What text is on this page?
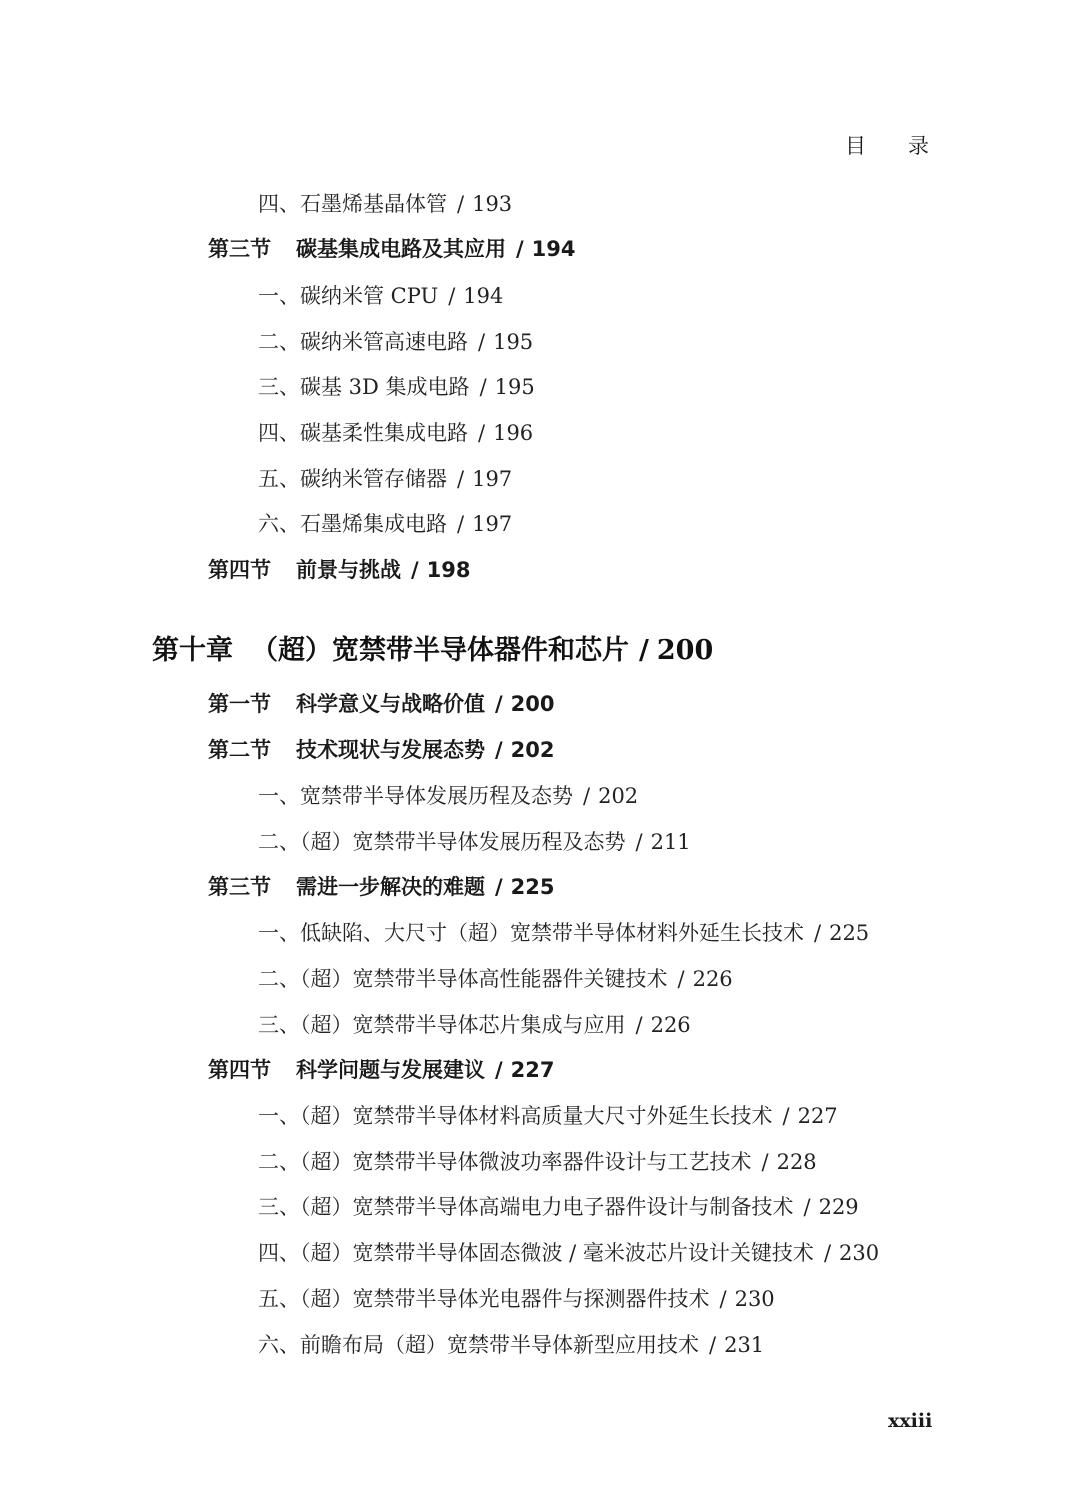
目录
四、石墨烯基晶体管 / 193
第三节 碳基集成电路及其应用 / 194
一、碳纳米管 CPU / 194
二、碳纳米管高速电路 / 195
三、碳基 3D 集成电路 / 195
四、碳基柔性集成电路 / 196
五、碳纳米管存储器 / 197
六、石墨烯集成电路 / 197
第四节 前景与挑战 / 198
第十章 （超）宽禁带半导体器件和芯片 / 200
第一节 科学意义与战略价值 / 200
第二节 技术现状与发展态势 / 202
一、宽禁带半导体发展历程及态势 / 202
二、（超）宽禁带半导体发展历程及态势 / 211
第三节 需进一步解决的难题 / 225
一、低缺陷、大尺寸（超）宽禁带半导体材料外延生长技术 / 225
二、（超）宽禁带半导体高性能器件关键技术 / 226
三、（超）宽禁带半导体芯片集成与应用 / 226
第四节 科学问题与发展建议 / 227
一、（超）宽禁带半导体材料高质量大尺寸外延生长技术 / 227
二、（超）宽禁带半导体微波功率器件设计与工艺技术 / 228
三、（超）宽禁带半导体高端电力电子器件设计与制备技术 / 229
四、（超）宽禁带半导体固态微波 / 毫米波芯片设计关键技术 / 230
五、（超）宽禁带半导体光电器件与探测器件技术 / 230
六、前瞻布局（超）宽禁带半导体新型应用技术 / 231
xxiii
